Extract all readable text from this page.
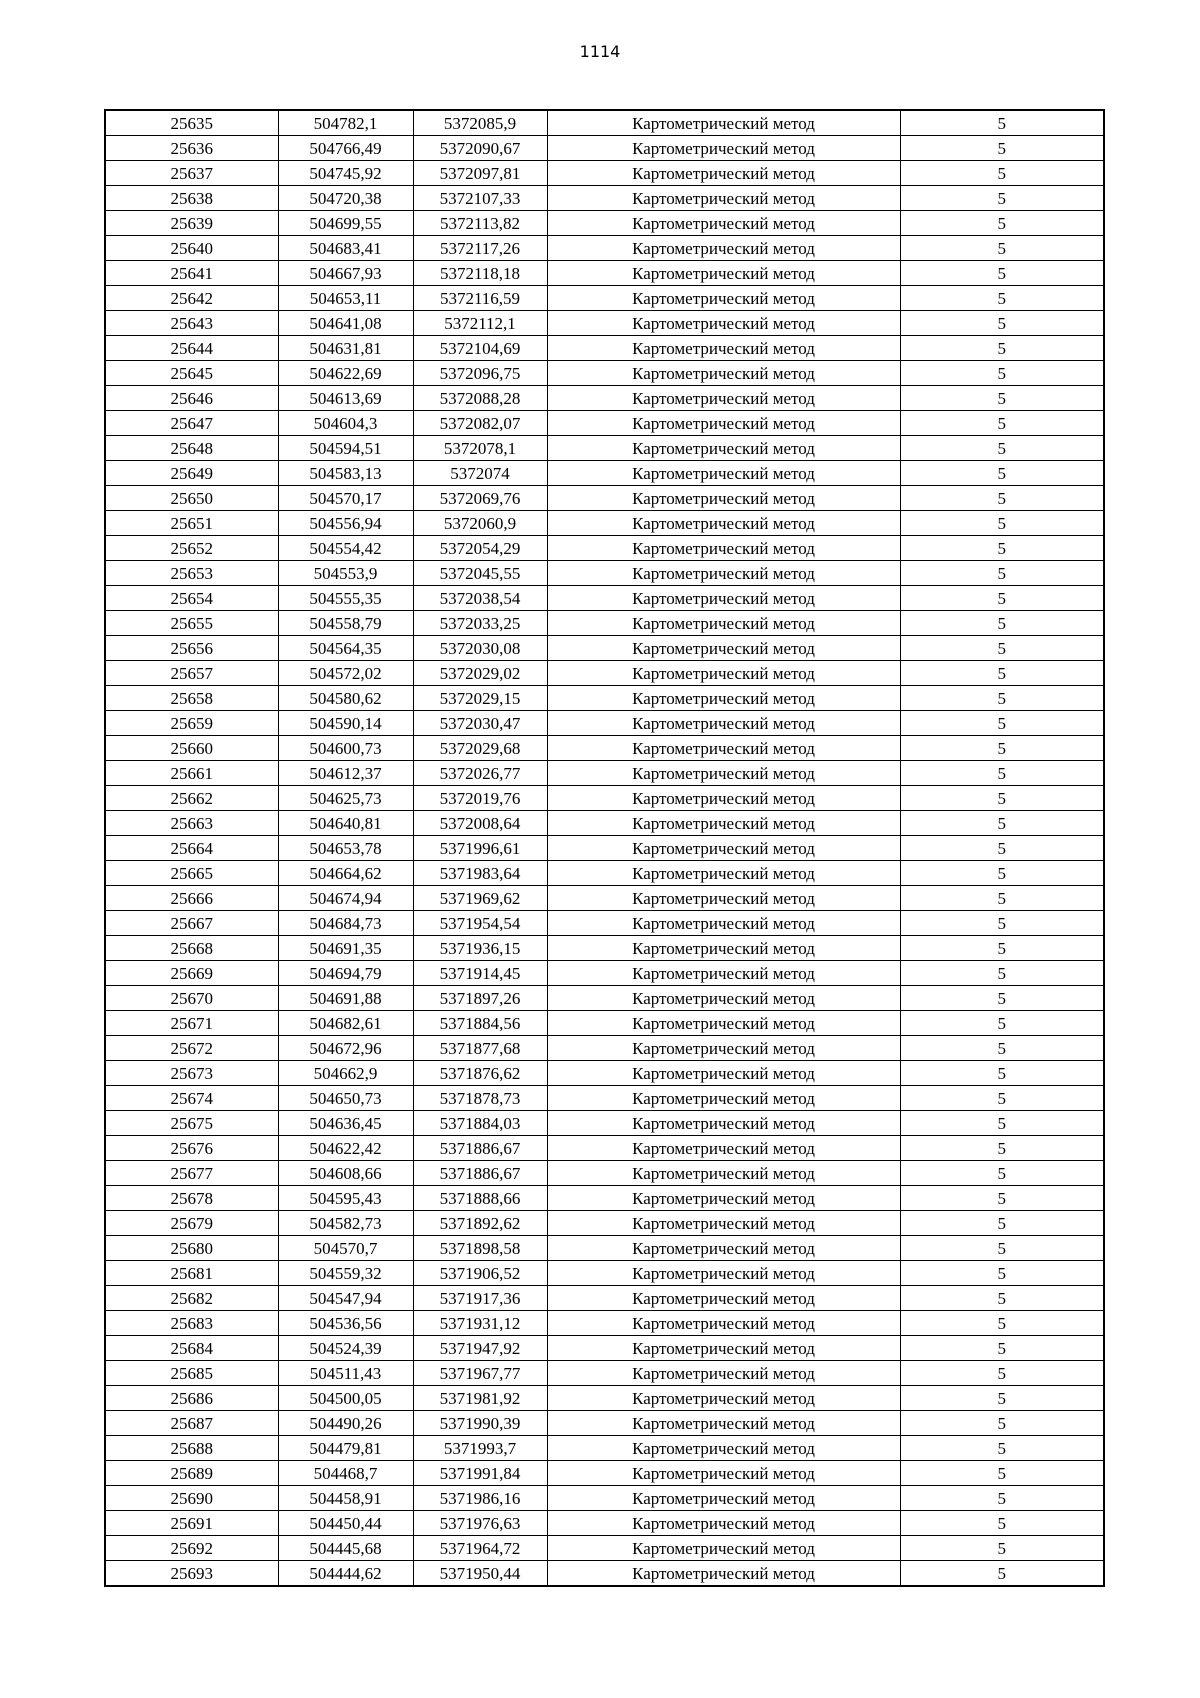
1114
25635	504782,1	5372085,9	Картометрический метод	5
25636	504766,49	5372090,67	Картометрический метод	5
25637	504745,92	5372097,81	Картометрический метод	5
25638	504720,38	5372107,33	Картометрический метод	5
25639	504699,55	5372113,82	Картометрический метод	5
25640	504683,41	5372117,26	Картометрический метод	5
25641	504667,93	5372118,18	Картометрический метод	5
25642	504653,11	5372116,59	Картометрический метод	5
25643	504641,08	5372112,1	Картометрический метод	5
25644	504631,81	5372104,69	Картометрический метод	5
25645	504622,69	5372096,75	Картометрический метод	5
25646	504613,69	5372088,28	Картометрический метод	5
25647	504604,3	5372082,07	Картометрический метод	5
25648	504594,51	5372078,1	Картометрический метод	5
25649	504583,13	5372074	Картометрический метод	5
25650	504570,17	5372069,76	Картометрический метод	5
25651	504556,94	5372060,9	Картометрический метод	5
25652	504554,42	5372054,29	Картометрический метод	5
25653	504553,9	5372045,55	Картометрический метод	5
25654	504555,35	5372038,54	Картометрический метод	5
25655	504558,79	5372033,25	Картометрический метод	5
25656	504564,35	5372030,08	Картометрический метод	5
25657	504572,02	5372029,02	Картометрический метод	5
25658	504580,62	5372029,15	Картометрический метод	5
25659	504590,14	5372030,47	Картометрический метод	5
25660	504600,73	5372029,68	Картометрический метод	5
25661	504612,37	5372026,77	Картометрический метод	5
25662	504625,73	5372019,76	Картометрический метод	5
25663	504640,81	5372008,64	Картометрический метод	5
25664	504653,78	5371996,61	Картометрический метод	5
25665	504664,62	5371983,64	Картометрический метод	5
25666	504674,94	5371969,62	Картометрический метод	5
25667	504684,73	5371954,54	Картометрический метод	5
25668	504691,35	5371936,15	Картометрический метод	5
25669	504694,79	5371914,45	Картометрический метод	5
25670	504691,88	5371897,26	Картометрический метод	5
25671	504682,61	5371884,56	Картометрический метод	5
25672	504672,96	5371877,68	Картометрический метод	5
25673	504662,9	5371876,62	Картометрический метод	5
25674	504650,73	5371878,73	Картометрический метод	5
25675	504636,45	5371884,03	Картометрический метод	5
25676	504622,42	5371886,67	Картометрический метод	5
25677	504608,66	5371886,67	Картометрический метод	5
25678	504595,43	5371888,66	Картометрический метод	5
25679	504582,73	5371892,62	Картометрический метод	5
25680	504570,7	5371898,58	Картометрический метод	5
25681	504559,32	5371906,52	Картометрический метод	5
25682	504547,94	5371917,36	Картометрический метод	5
25683	504536,56	5371931,12	Картометрический метод	5
25684	504524,39	5371947,92	Картометрический метод	5
25685	504511,43	5371967,77	Картометрический метод	5
25686	504500,05	5371981,92	Картометрический метод	5
25687	504490,26	5371990,39	Картометрический метод	5
25688	504479,81	5371993,7	Картометрический метод	5
25689	504468,7	5371991,84	Картометрический метод	5
25690	504458,91	5371986,16	Картометрический метод	5
25691	504450,44	5371976,63	Картометрический метод	5
25692	504445,68	5371964,72	Картометрический метод	5
25693	504444,62	5371950,44	Картометрический метод	5
